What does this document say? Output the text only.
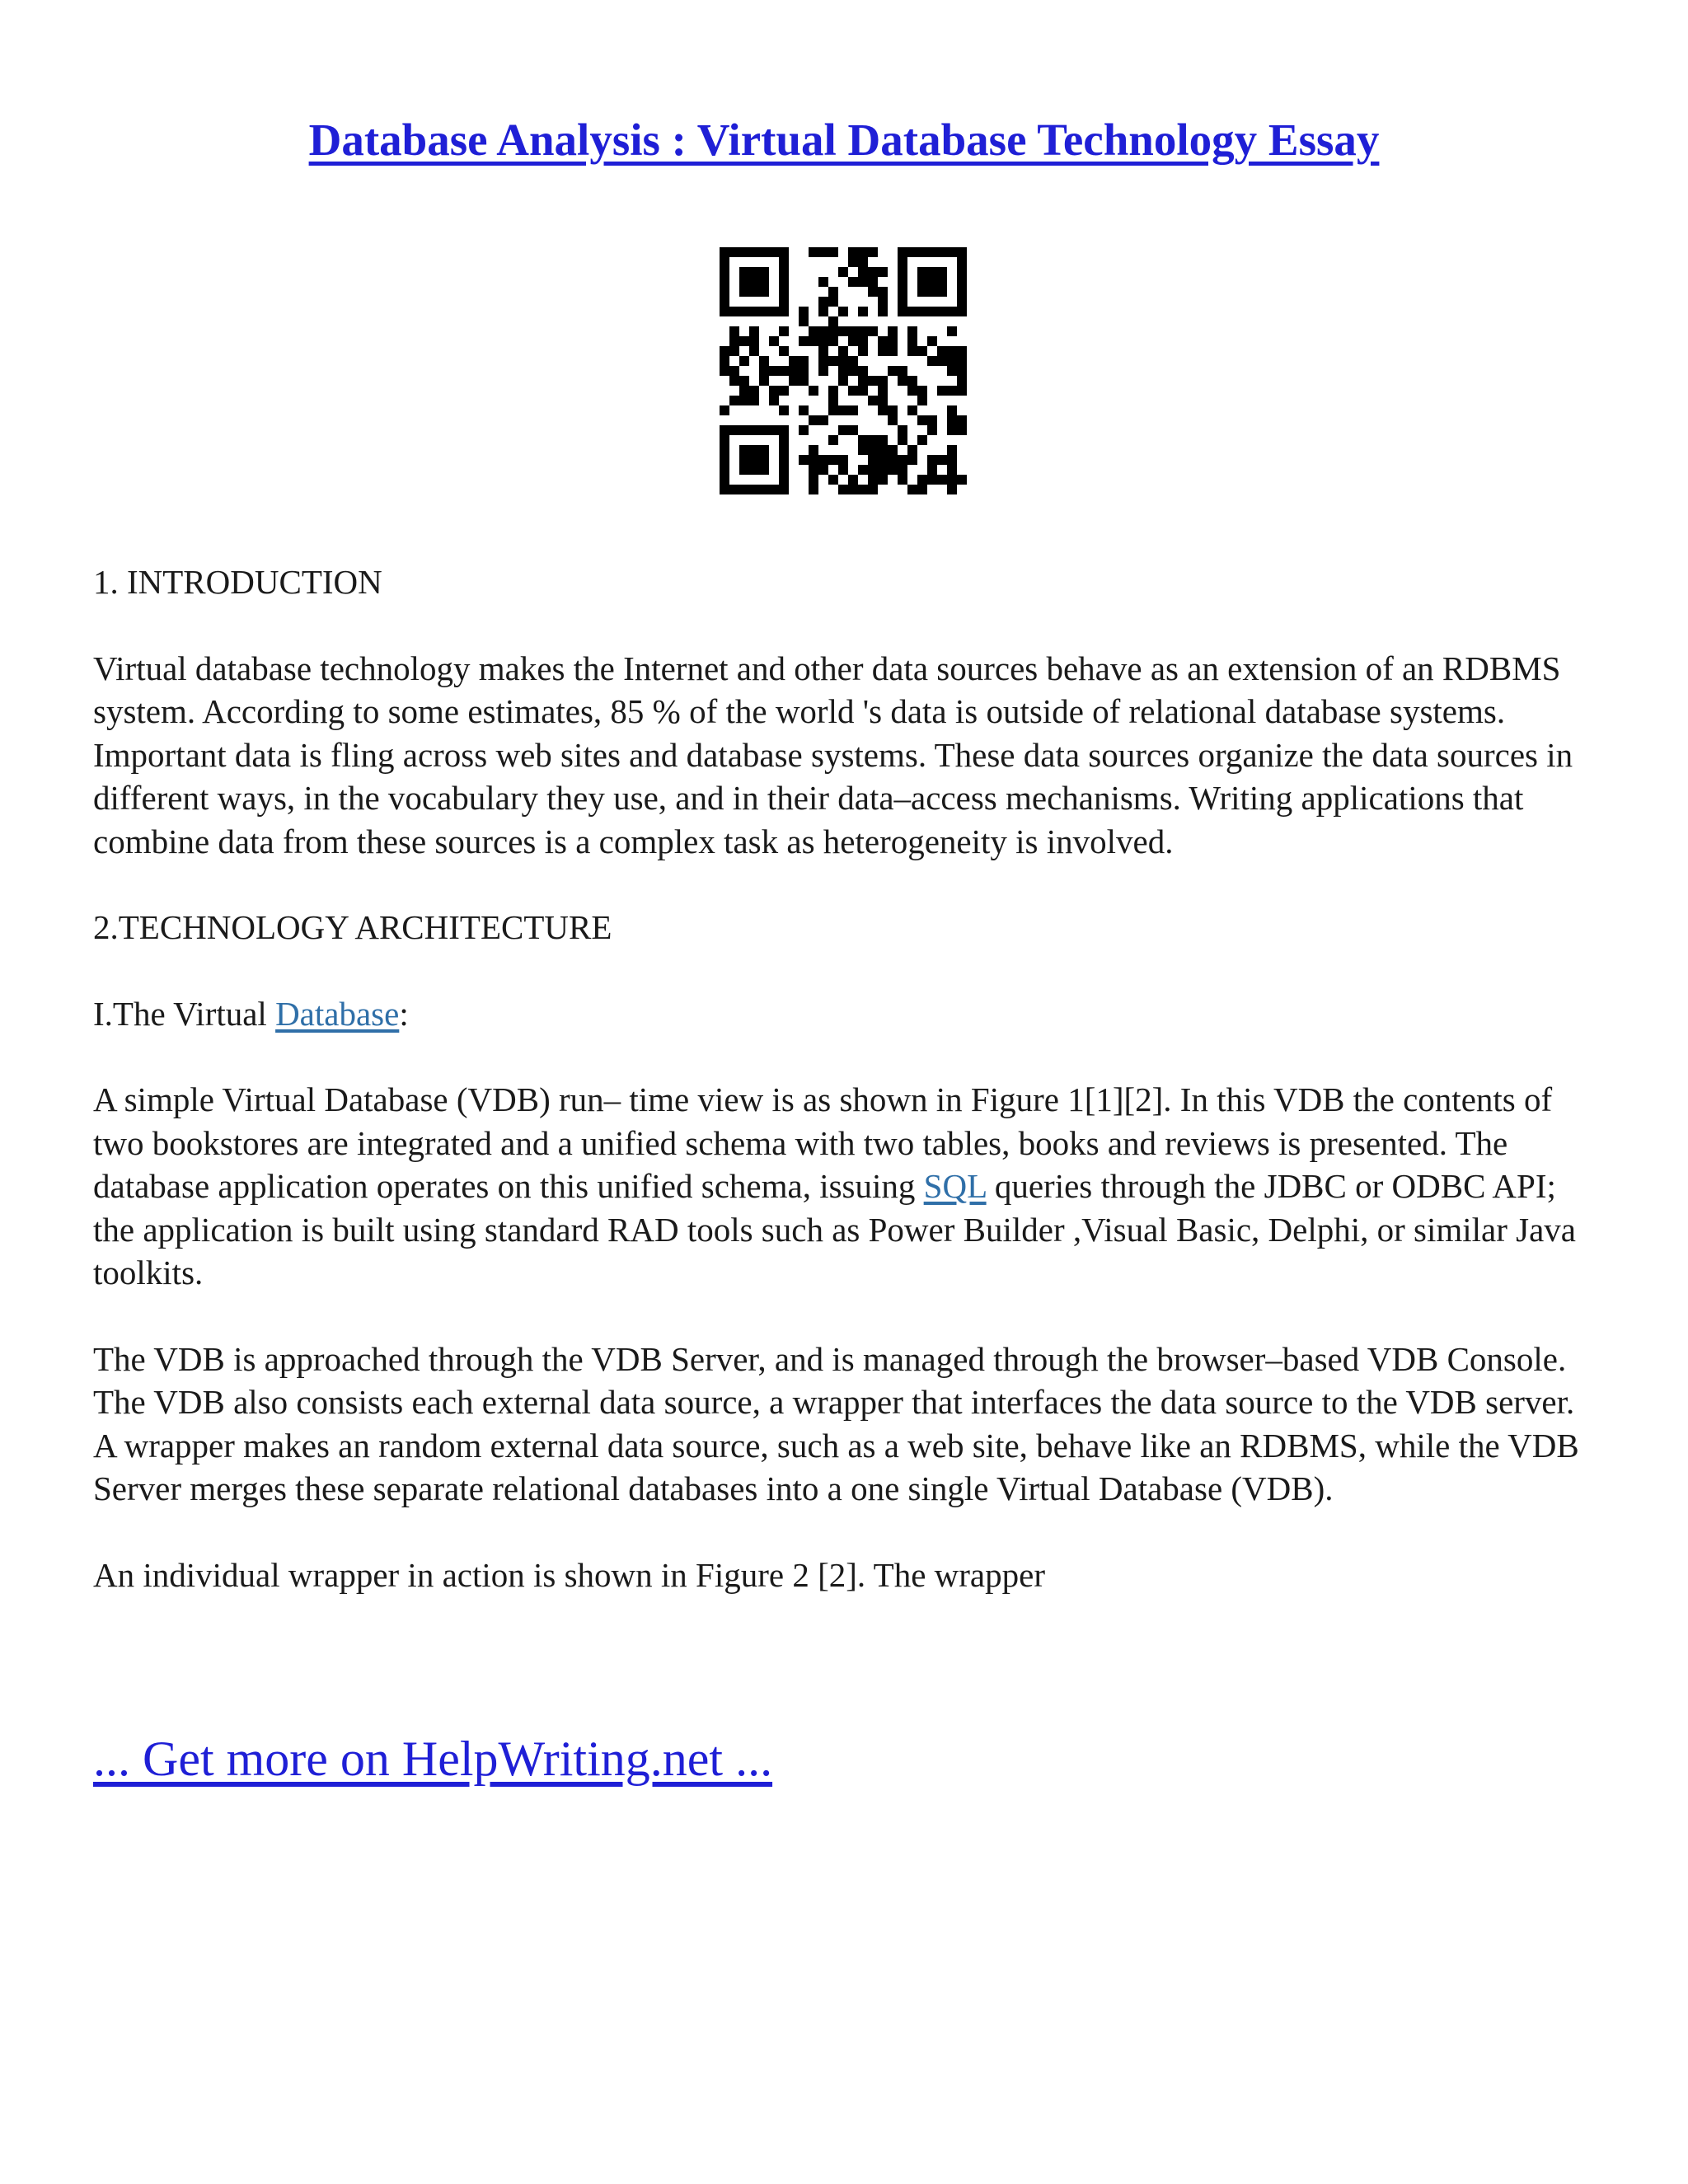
Database Analysis : Virtual Database Technology Essay

1. INTRODUCTION

Virtual database technology makes the Internet and other data sources behave as an extension of an RDBMS system. According to some estimates, 85 % of the world 's data is outside of relational database systems. Important data is fling across web sites and database systems. These data sources organize the data sources in different ways, in the vocabulary they use, and in their data–access mechanisms. Writing applications that combine data from these sources is a complex task as heterogeneity is involved.

2.TECHNOLOGY ARCHITECTURE

I.The Virtual Database:

A simple Virtual Database (VDB) run– time view is as shown in Figure 1[1][2]. In this VDB the contents of two bookstores are integrated and a unified schema with two tables, books and reviews is presented. The database application operates on this unified schema, issuing SQL queries through the JDBC or ODBC API; the application is built using standard RAD tools such as Power Builder ,Visual Basic, Delphi, or similar Java toolkits.

The VDB is approached through the VDB Server, and is managed through the browser–based VDB Console. The VDB also consists each external data source, a wrapper that interfaces the data source to the VDB server. A wrapper makes an random external data source, such as a web site, behave like an RDBMS, while the VDB Server merges these separate relational databases into a one single Virtual Database (VDB).

An individual wrapper in action is shown in Figure 2 [2]. The wrapper

... Get more on HelpWriting.net ...
